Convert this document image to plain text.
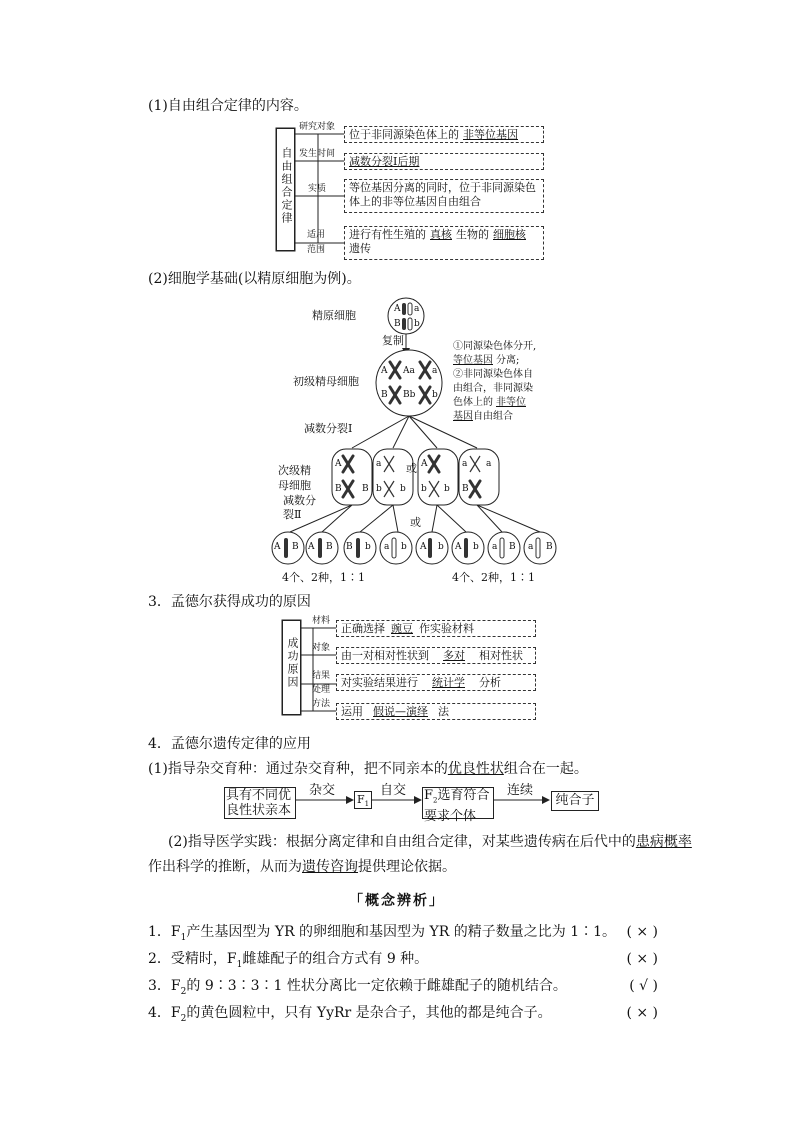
(1)自由组合定律的内容。
自由组合定律
研究对象
位于非同源染色体上的 非等位基因
发生时间
减数分裂Ⅰ后期
实质 等位基因分离的同时，位于非同源染色
体上的非等位基因自由组合
适用
范围
进行有性生殖的 真核 生物的 细胞核
遗传
(2)细胞学基础(以精原细胞为例)。
精原细胞
复制
初级精母细胞
减数分裂Ⅰ
次级精母细胞
减数分裂Ⅱ
或
或
A a
B b
A Aa a
B Bb b
A
B B
a
b b
A
b b
a a
B
A B A B B b a b A b A b a B a B
①同源染色体分开,
等位基因 分离;
②非同源染色体自
由组合，非同源染
色体上的 非等位
基因自由组合
4个、2种，1∶1	4个、2种，1∶1
3．孟德尔获得成功的原因
成功原因
材料
正确选择 豌豆 作实验材料
对象
由一对相对性状到 多对 相对性状
结果
处理
对实验结果进行 统计学 分析
方法
运用 假说—演绎 法
4．孟德尔遗传定律的应用
(1)指导杂交育种：通过杂交育种，把不同亲本的优良性状组合在一起。
具有不同优
良性状亲本
杂交
$F_1$
自交 $F_2$选育符合
要求个体
连续
纯合子
(2)指导医学实践：根据分离定律和自由组合定律，对某些遗传病在后代中的患病概率
作出科学的推断，从而为遗传咨询提供理论依据。
「概念辨析」
1．$F_1$产生基因型为 YR 的卵细胞和基因型为 YR 的精子数量之比为 1∶1。 ( × )
2．受精时，$F_1$雌雄配子的组合方式有 9 种。	( × )
3．$F_2$的 9∶3∶3∶1 性状分离比一定依赖于雌雄配子的随机结合。	( √ )
4．$F_2$的黄色圆粒中，只有 YyRr 是杂合子，其他的都是纯合子。	( × )
